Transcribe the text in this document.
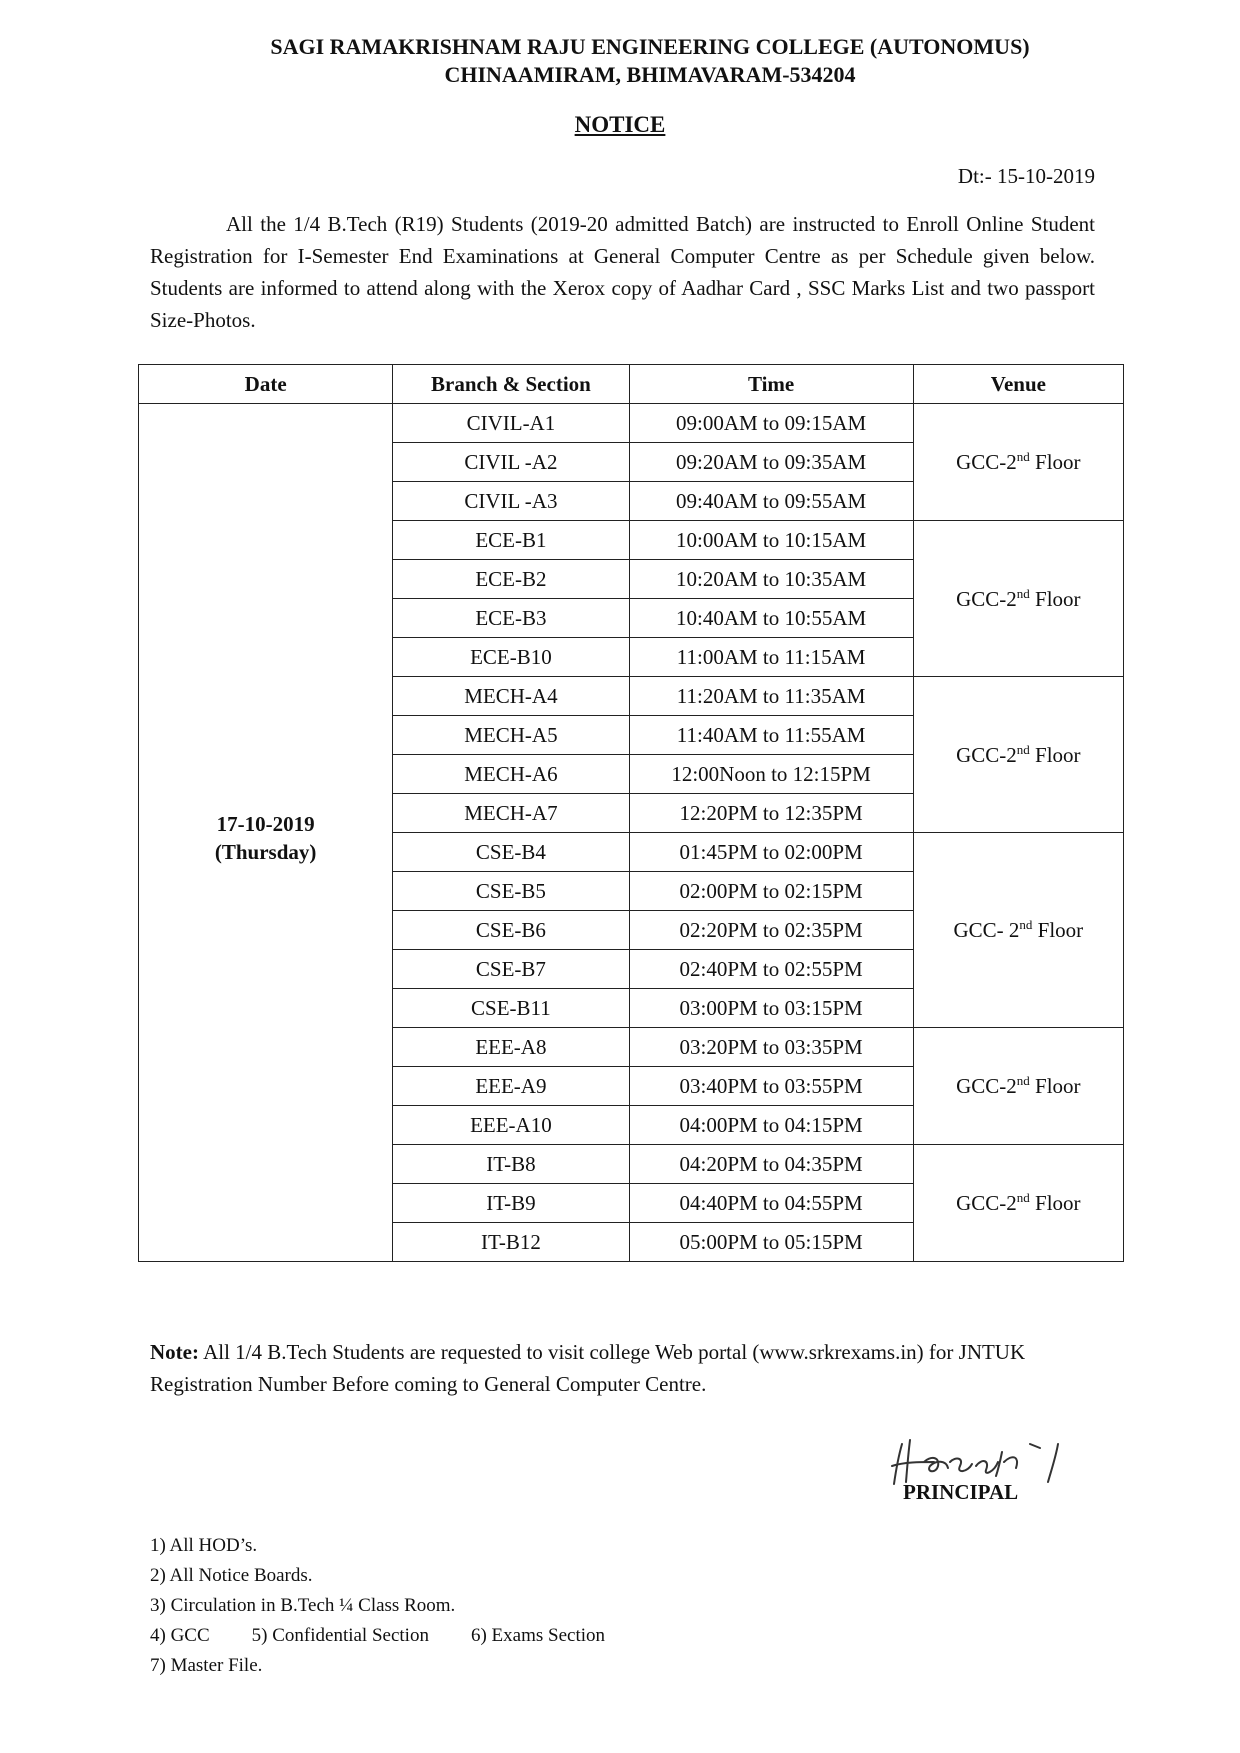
SAGI RAMAKRISHNAM RAJU ENGINEERING COLLEGE (AUTONOMUS)
CHINAAMIRAM, BHIMAVARAM-534204
NOTICE
Dt:- 15-10-2019
All the 1/4 B.Tech (R19) Students (2019-20 admitted Batch) are instructed to Enroll Online Student Registration for I-Semester End Examinations at General Computer Centre as per Schedule given below. Students are informed to attend along with the Xerox copy of Aadhar Card , SSC Marks List and two passport Size-Photos.
Date	Branch & Section	Time	Venue

17-10-2019
(Thursday)	CIVIL-A1	09:00AM to 09:15AM	GCC-2nd Floor
	CIVIL -A2	09:20AM to 09:35AM	
	CIVIL -A3	09:40AM to 09:55AM	
	ECE-B1	10:00AM to 10:15AM	GCC-2nd Floor
	ECE-B2	10:20AM to 10:35AM	
	ECE-B3	10:40AM to 10:55AM	
	ECE-B10	11:00AM to 11:15AM	
	MECH-A4	11:20AM to 11:35AM	GCC-2nd Floor
	MECH-A5	11:40AM to 11:55AM	
	MECH-A6	12:00Noon to 12:15PM	
	MECH-A7	12:20PM to 12:35PM	
	CSE-B4	01:45PM to 02:00PM	GCC- 2nd Floor
	CSE-B5	02:00PM to 02:15PM	
	CSE-B6	02:20PM to 02:35PM	
	CSE-B7	02:40PM to 02:55PM	
	CSE-B11	03:00PM to 03:15PM	
	EEE-A8	03:20PM to 03:35PM	GCC-2nd Floor
	EEE-A9	03:40PM to 03:55PM	
	EEE-A10	04:00PM to 04:15PM	
	IT-B8	04:20PM to 04:35PM	GCC-2nd Floor
	IT-B9	04:40PM to 04:55PM	
	IT-B12	05:00PM to 05:15PM	
Note: All 1/4 B.Tech Students are requested to visit college Web portal (www.srkrexams.in) for JNTUK Registration Number Before coming to General Computer Centre.
PRINCIPAL
1) All HOD’s.
2) All Notice Boards.
3) Circulation in B.Tech ¼ Class Room.
4) GCC 5) Confidential Section 6) Exams Section
7) Master File.
